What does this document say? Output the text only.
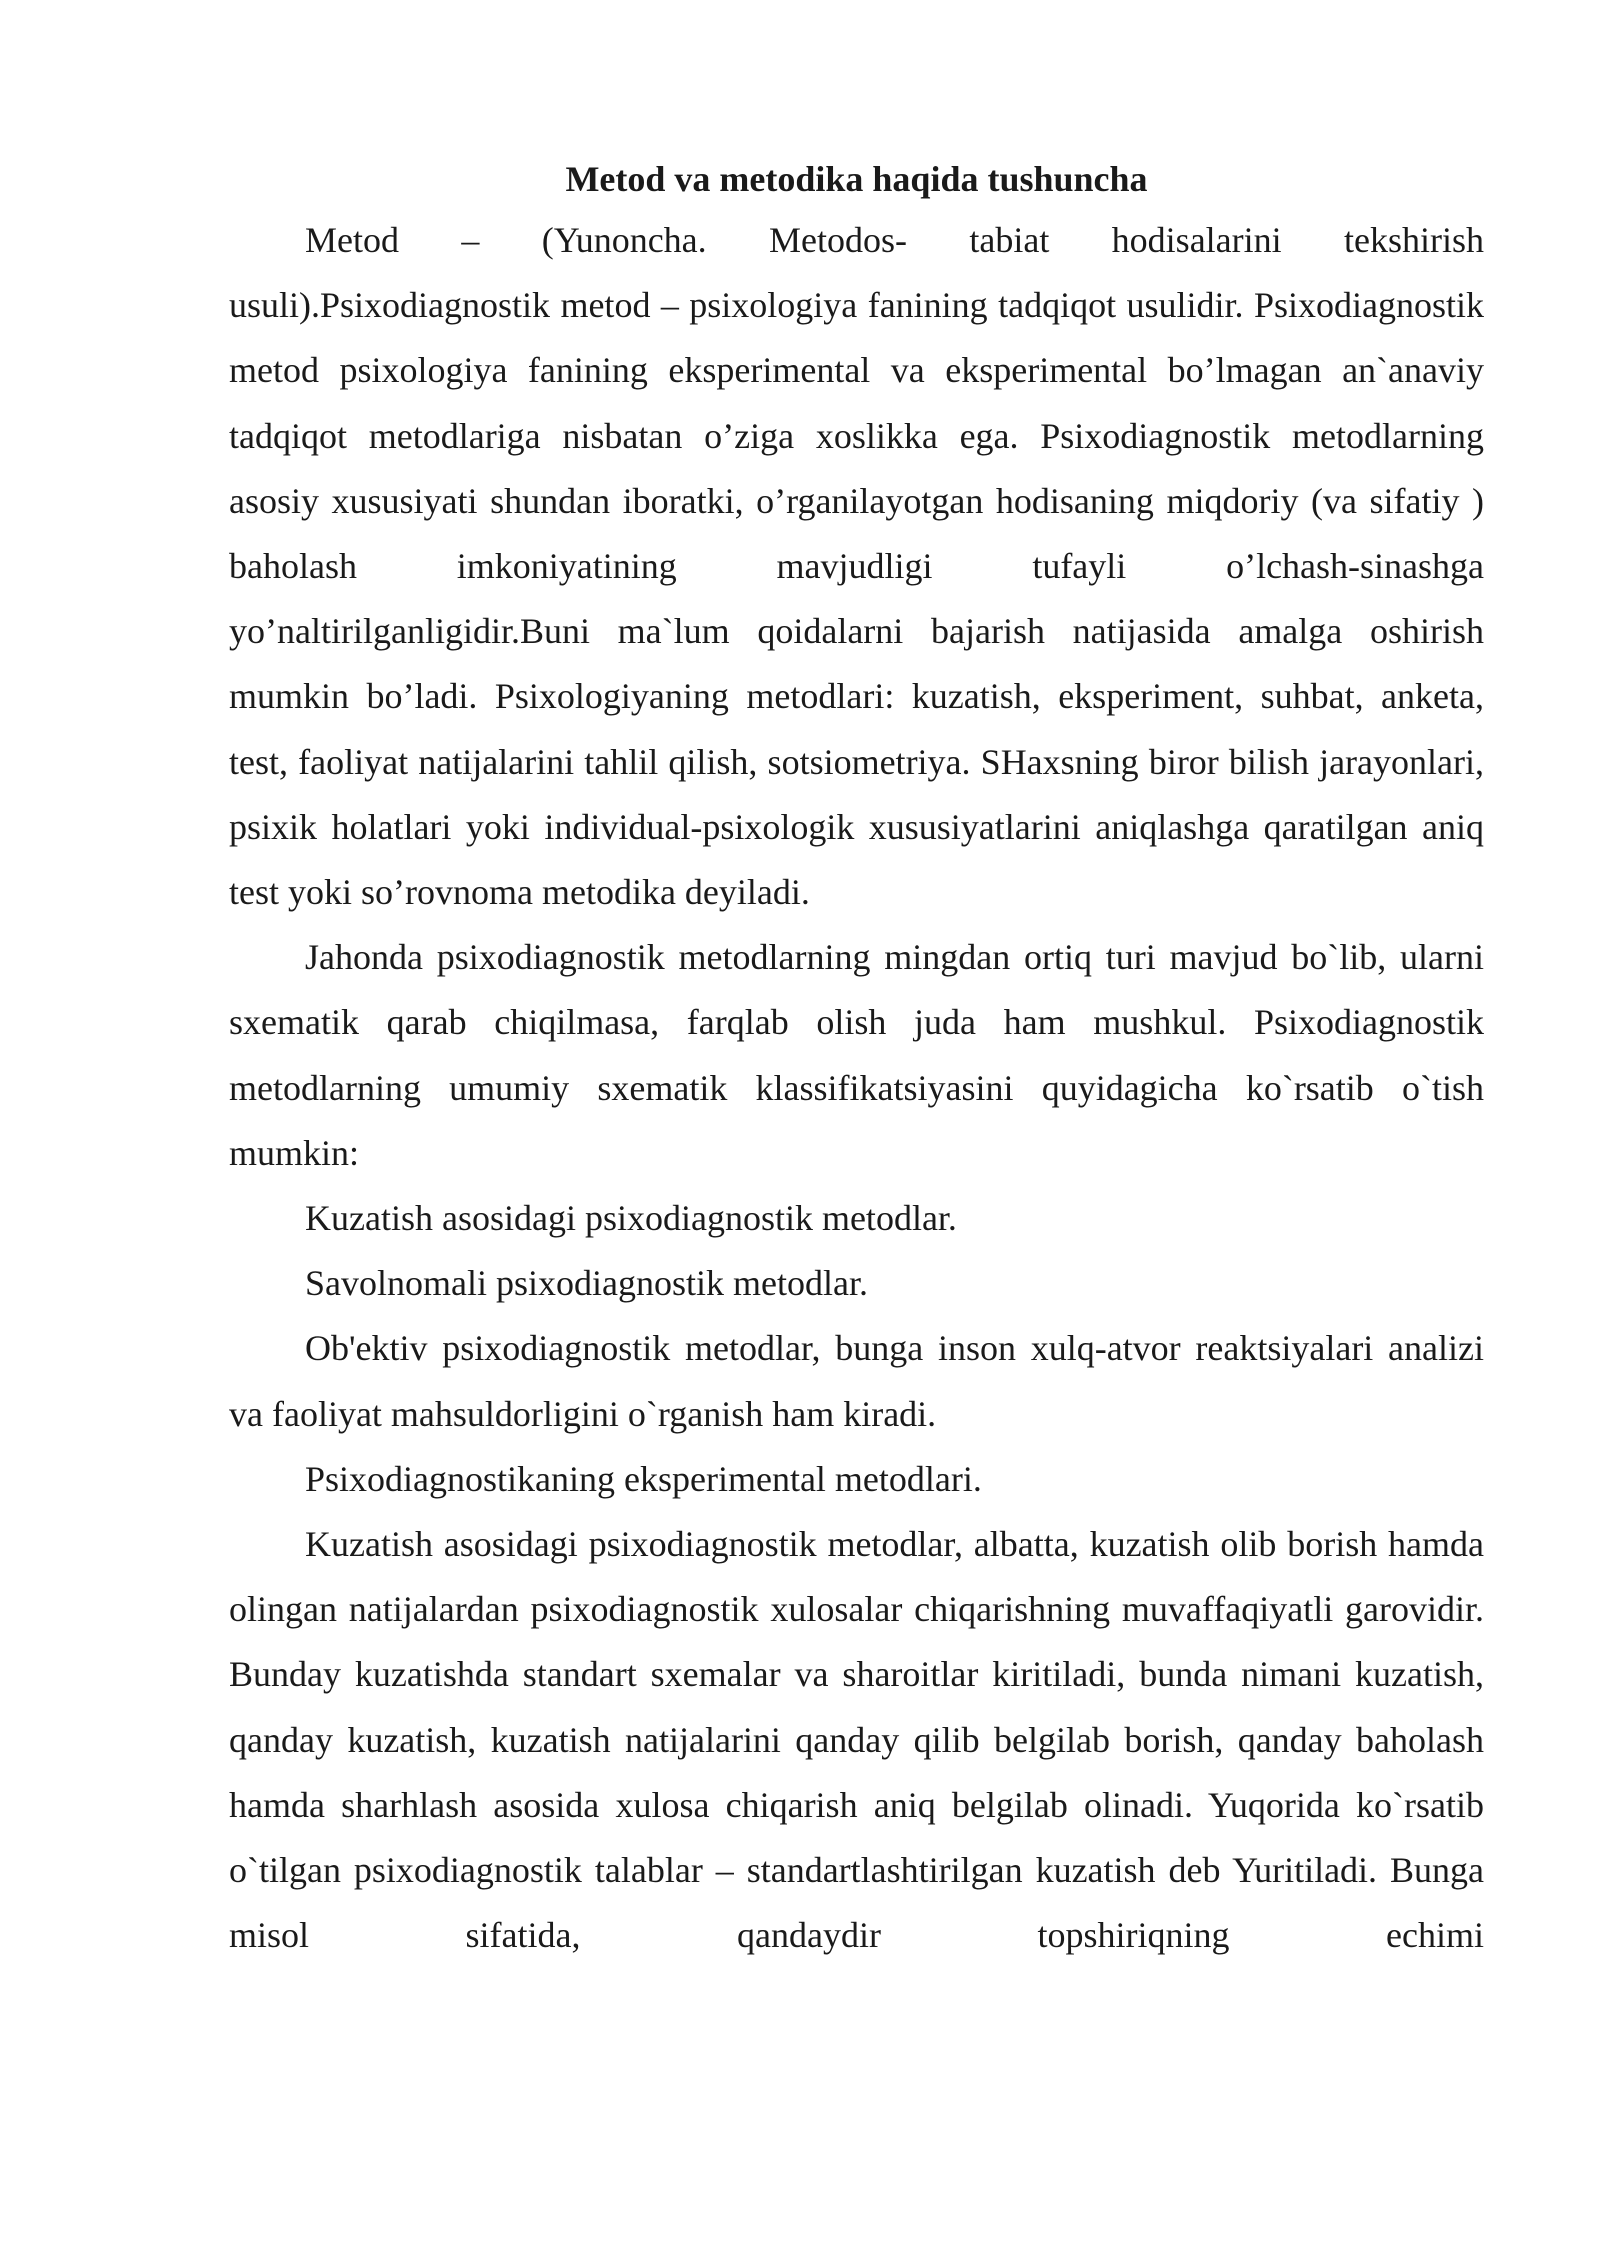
Metod va metodika haqida tushuncha

Metod – (Yunoncha. Metodos- tabiat hodisalarini tekshirish usuli).Psixodiagnostik metod – psixologiya fanining tadqiqot usulidir. Psixodiagnostik metod psixologiya fanining eksperimental va eksperimental bo’lmagan an`anaviy tadqiqot metodlariga nisbatan o’ziga xoslikka ega. Psixodiagnostik metodlarning asosiy xususiyati shundan iboratki, o’rganilayotgan hodisaning miqdoriy (va sifatiy ) baholash imkoniyatining mavjudligi tufayli o’lchash-sinashga yo’naltirilganligidir.Buni ma`lum qoidalarni bajarish natijasida amalga oshirish mumkin bo’ladi. Psixologiyaning metodlari: kuzatish, eksperiment, suhbat, anketa, test, faoliyat natijalarini tahlil qilish, sotsiometriya. SHaxsning biror bilish jarayonlari, psixik holatlari yoki individual-psixologik xususiyatlarini aniqlashga qaratilgan aniq test yoki so’rovnoma metodika deyiladi.

Jahonda psixodiagnostik metodlarning mingdan ortiq turi mavjud bo`lib, ularni sxematik qarab chiqilmasa, farqlab olish juda ham mushkul. Psixodiagnostik metodlarning umumiy sxematik klassifikatsiyasini quyidagicha ko`rsatib o`tish mumkin:

Kuzatish asosidagi psixodiagnostik metodlar.

Savolnomali psixodiagnostik metodlar.

Ob'ektiv psixodiagnostik metodlar, bunga inson xulq-atvor reaktsiyalari analizi va faoliyat mahsuldorligini o`rganish ham kiradi.

Psixodiagnostikaning eksperimental metodlari.

Kuzatish asosidagi psixodiagnostik metodlar, albatta, kuzatish olib borish hamda olingan natijalardan psixodiagnostik xulosalar chiqarishning muvaffaqiyatli garovidir. Bunday kuzatishda standart sxemalar va sharoitlar kiritiladi, bunda nimani kuzatish, qanday kuzatish, kuzatish natijalarini qanday qilib belgilab borish, qanday baholash hamda sharhlash asosida xulosa chiqarish aniq belgilab olinadi. Yuqorida ko`rsatib o`tilgan psixodiagnostik talablar – standartlashtirilgan kuzatish deb Yuritiladi. Bunga misol sifatida, qandaydir topshiriqning echimi
